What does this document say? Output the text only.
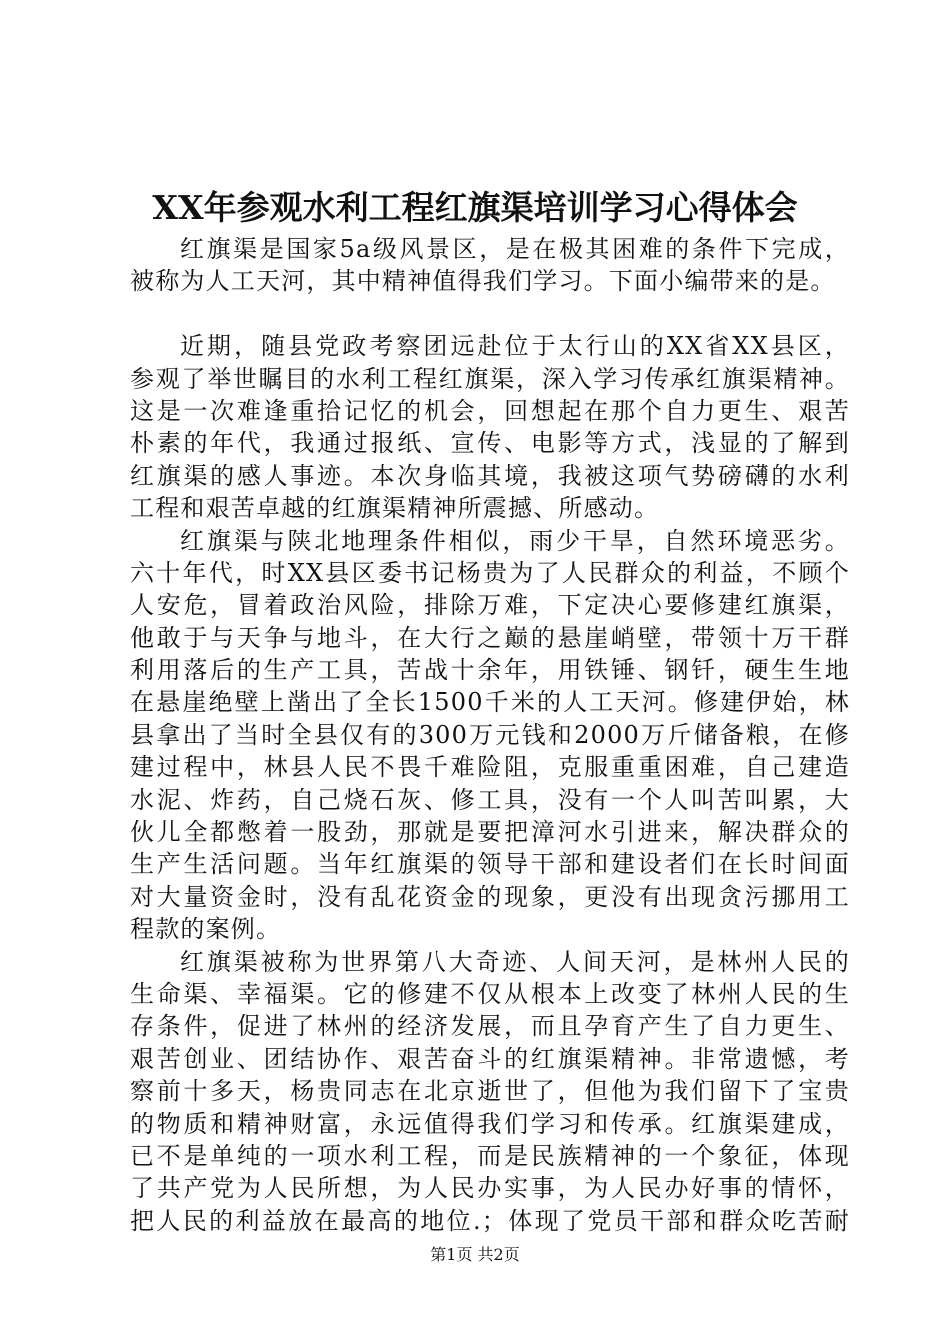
XX年参观水利工程红旗渠培训学习心得体会
红旗渠是国家5a级风景区，是在极其困难的条件下完成，
被称为人工天河，其中精神值得我们学习。下面小编带来的是。
近期，随县党政考察团远赴位于太行山的XX省XX县区，
参观了举世瞩目的水利工程红旗渠，深入学习传承红旗渠精神。
这是一次难逢重拾记忆的机会，回想起在那个自力更生、艰苦
朴素的年代，我通过报纸、宣传、电影等方式，浅显的了解到
红旗渠的感人事迹。本次身临其境，我被这项气势磅礴的水利
工程和艰苦卓越的红旗渠精神所震撼、所感动。
红旗渠与陕北地理条件相似，雨少干旱，自然环境恶劣。
六十年代，时XX县区委书记杨贵为了人民群众的利益，不顾个
人安危，冒着政治风险，排除万难，下定决心要修建红旗渠，
他敢于与天争与地斗，在大行之巅的悬崖峭壁，带领十万干群
利用落后的生产工具，苦战十余年，用铁锤、钢钎，硬生生地
在悬崖绝壁上凿出了全长1500千米的人工天河。修建伊始，林
县拿出了当时全县仅有的300万元钱和2000万斤储备粮，在修
建过程中，林县人民不畏千难险阻，克服重重困难，自己建造
水泥、炸药，自己烧石灰、修工具，没有一个人叫苦叫累，大
伙儿全都憋着一股劲，那就是要把漳河水引进来，解决群众的
生产生活问题。当年红旗渠的领导干部和建设者们在长时间面
对大量资金时，没有乱花资金的现象，更没有出现贪污挪用工
程款的案例。
红旗渠被称为世界第八大奇迹、人间天河，是林州人民的
生命渠、幸福渠。它的修建不仅从根本上改变了林州人民的生
存条件，促进了林州的经济发展，而且孕育产生了自力更生、
艰苦创业、团结协作、艰苦奋斗的红旗渠精神。非常遗憾，考
察前十多天，杨贵同志在北京逝世了，但他为我们留下了宝贵
的物质和精神财富，永远值得我们学习和传承。红旗渠建成，
已不是单纯的一项水利工程，而是民族精神的一个象征，体现
了共产党为人民所想，为人民办实事，为人民办好事的情怀，
把人民的利益放在最高的地位.；体现了党员干部和群众吃苦耐
第1页 共2页
